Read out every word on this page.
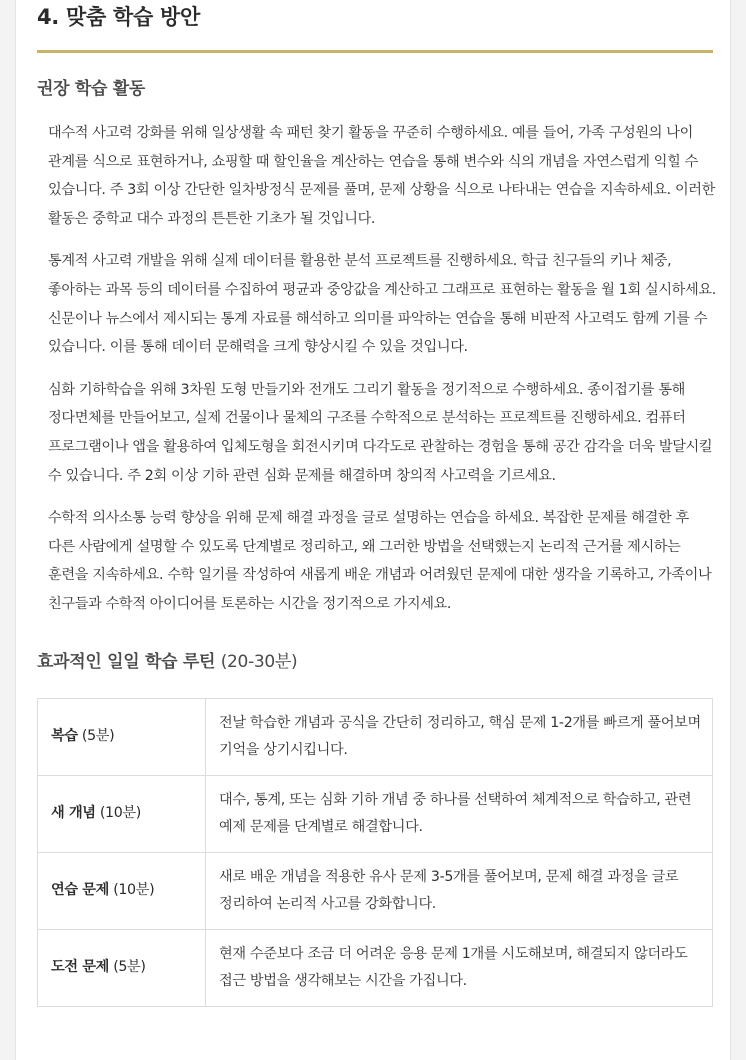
4. 맞춤 학습 방안
권장 학습 활동

대수적 사고력 강화를 위해 일상생활 속 패턴 찾기 활동을 꾸준히 수행하세요. 예를 들어, 가족 구성원의 나이 관계를 식으로 표현하거나, 쇼핑할 때 할인율을 계산하는 연습을 통해 변수와 식의 개념을 자연스럽게 익힐 수 있습니다. 주 3회 이상 간단한 일차방정식 문제를 풀며, 문제 상황을 식으로 나타내는 연습을 지속하세요. 이러한 활동은 중학교 대수 과정의 튼튼한 기초가 될 것입니다.

통계적 사고력 개발을 위해 실제 데이터를 활용한 분석 프로젝트를 진행하세요. 학급 친구들의 키나 체중, 좋아하는 과목 등의 데이터를 수집하여 평균과 중앙값을 계산하고 그래프로 표현하는 활동을 월 1회 실시하세요. 신문이나 뉴스에서 제시되는 통계 자료를 해석하고 의미를 파악하는 연습을 통해 비판적 사고력도 함께 기를 수 있습니다. 이를 통해 데이터 문해력을 크게 향상시킬 수 있을 것입니다.

심화 기하학습을 위해 3차원 도형 만들기와 전개도 그리기 활동을 정기적으로 수행하세요. 종이접기를 통해 정다면체를 만들어보고, 실제 건물이나 물체의 구조를 수학적으로 분석하는 프로젝트를 진행하세요. 컴퓨터 프로그램이나 앱을 활용하여 입체도형을 회전시키며 다각도로 관찰하는 경험을 통해 공간 감각을 더욱 발달시킬 수 있습니다. 주 2회 이상 기하 관련 심화 문제를 해결하며 창의적 사고력을 기르세요.

수학적 의사소통 능력 향상을 위해 문제 해결 과정을 글로 설명하는 연습을 하세요. 복잡한 문제를 해결한 후 다른 사람에게 설명할 수 있도록 단계별로 정리하고, 왜 그러한 방법을 선택했는지 논리적 근거를 제시하는 훈련을 지속하세요. 수학 일기를 작성하여 새롭게 배운 개념과 어려웠던 문제에 대한 생각을 기록하고, 가족이나 친구들과 수학적 아이디어를 토론하는 시간을 정기적으로 가지세요.

효과적인 일일 학습 루틴 (20-30분)
복습 (5분)	전날 학습한 개념과 공식을 간단히 정리하고, 핵심 문제 1-2개를 빠르게 풀어보며 기억을 상기시킵니다.
새 개념 (10분)	대수, 통계, 또는 심화 기하 개념 중 하나를 선택하여 체계적으로 학습하고, 관련 예제 문제를 단계별로 해결합니다.
연습 문제 (10분)	새로 배운 개념을 적용한 유사 문제 3-5개를 풀어보며, 문제 해결 과정을 글로 정리하여 논리적 사고를 강화합니다.
도전 문제 (5분)	현재 수준보다 조금 더 어려운 응용 문제 1개를 시도해보며, 해결되지 않더라도 접근 방법을 생각해보는 시간을 가집니다.
